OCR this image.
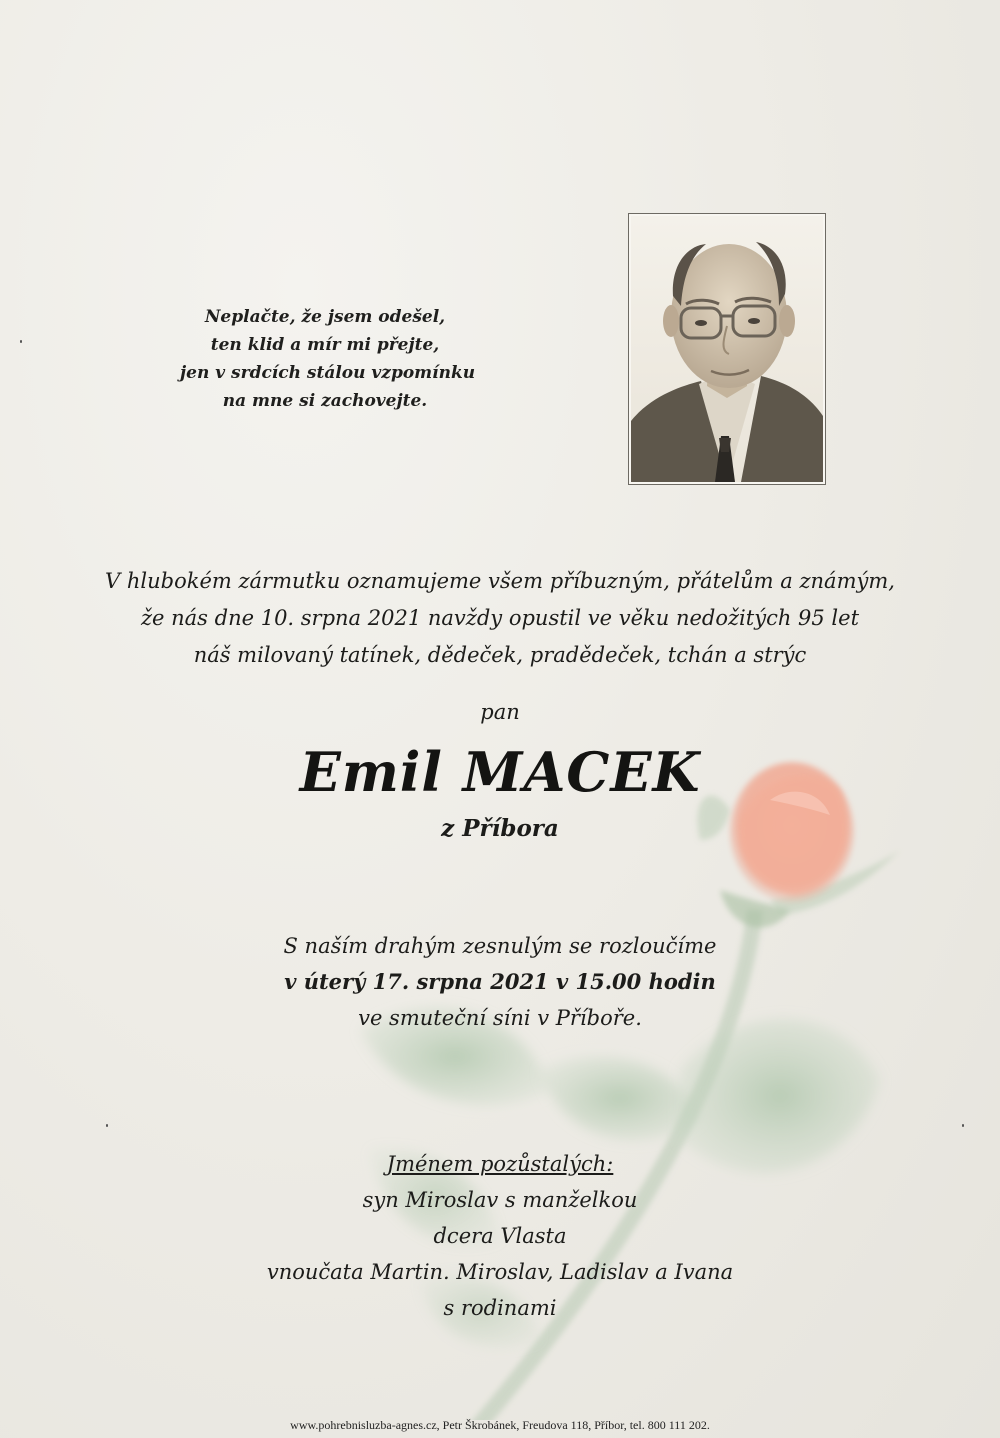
Neplačte, že jsem odešel,
ten klid a mír mi přejte,
jen v srdcích stálou vzpomínku
na mne si zachovejte.
V hlubokém zármutku oznamujeme všem příbuzným, přátelům a známým,
že nás dne 10. srpna 2021 navždy opustil ve věku nedožitých 95 let
náš milovaný tatínek, dědeček, pradědeček, tchán a strýc
pan
Emil MACEK
z Příbora
S naším drahým zesnulým se rozloučíme
v úterý 17. srpna 2021 v 15.00 hodin
ve smuteční síni v Příboře.
Jménem pozůstalých:
syn Miroslav s manželkou
dcera Vlasta
vnoučata Martin. Miroslav, Ladislav a Ivana
s rodinami
www.pohrebnisluzba-agnes.cz, Petr Škrobánek, Freudova 118, Příbor, tel. 800 111 202.
